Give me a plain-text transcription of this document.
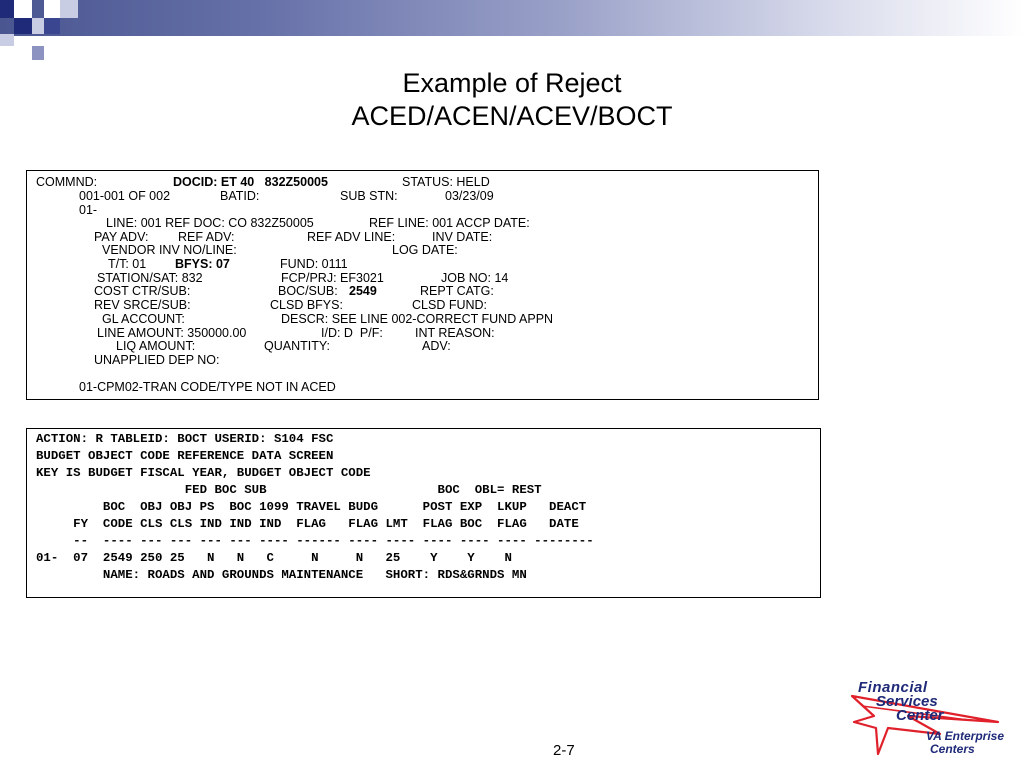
Example of Reject
ACED/ACEN/ACEV/BOCT
COMMND:	DOCID: ET 40   832Z50005	STATUS: HELD
001-001 OF 002	BATID:	SUB STN:	03/23/09
01-
LINE: 001 REF DOC: CO 832Z50005	REF LINE: 001 ACCP DATE:
PAY ADV: REF ADV:	REF ADV LINE:	INV DATE:
VENDOR INV NO/LINE:	LOG DATE:
T/T: 01 BFYS: 07	FUND: 0111
STATION/SAT: 832	FCP/PRJ: EF3021	JOB NO: 14
COST CTR/SUB:	BOC/SUB: 2549	REPT CATG:
REV SRCE/SUB:	CLSD BFYS:	CLSD FUND:
GL ACCOUNT:	DESCR: SEE LINE 002-CORRECT FUND APPN
LINE AMOUNT: 350000.00	I/D: D  P/F:	INT REASON:
LIQ AMOUNT:	QUANTITY:	ADV:
UNAPPLIED DEP NO:
01-CPM02-TRAN CODE/TYPE NOT IN ACED
ACTION: R TABLEID: BOCT USERID: S104 FSC
BUDGET OBJECT CODE REFERENCE DATA SCREEN
KEY IS BUDGET FISCAL YEAR, BUDGET OBJECT CODE
FED BOC SUB                       BOC  OBL= REST
BOC  OBJ OBJ PS  BOC 1099 TRAVEL BUDG      POST EXP  LKUP   DEACT
FY  CODE CLS CLS IND IND IND  FLAG   FLAG LMT  FLAG BOC  FLAG   DATE
--  ---- --- --- --- --- ---- ------ ---- ---- ---- ---- ---- --------
01-  07  2549 250 25   N   N   C     N     N   25    Y    Y    N
NAME: ROADS AND GROUNDS MAINTENANCE   SHORT: RDS&GRNDS MN
2-7
Financial
Services
Center
VA Enterprise
Centers
